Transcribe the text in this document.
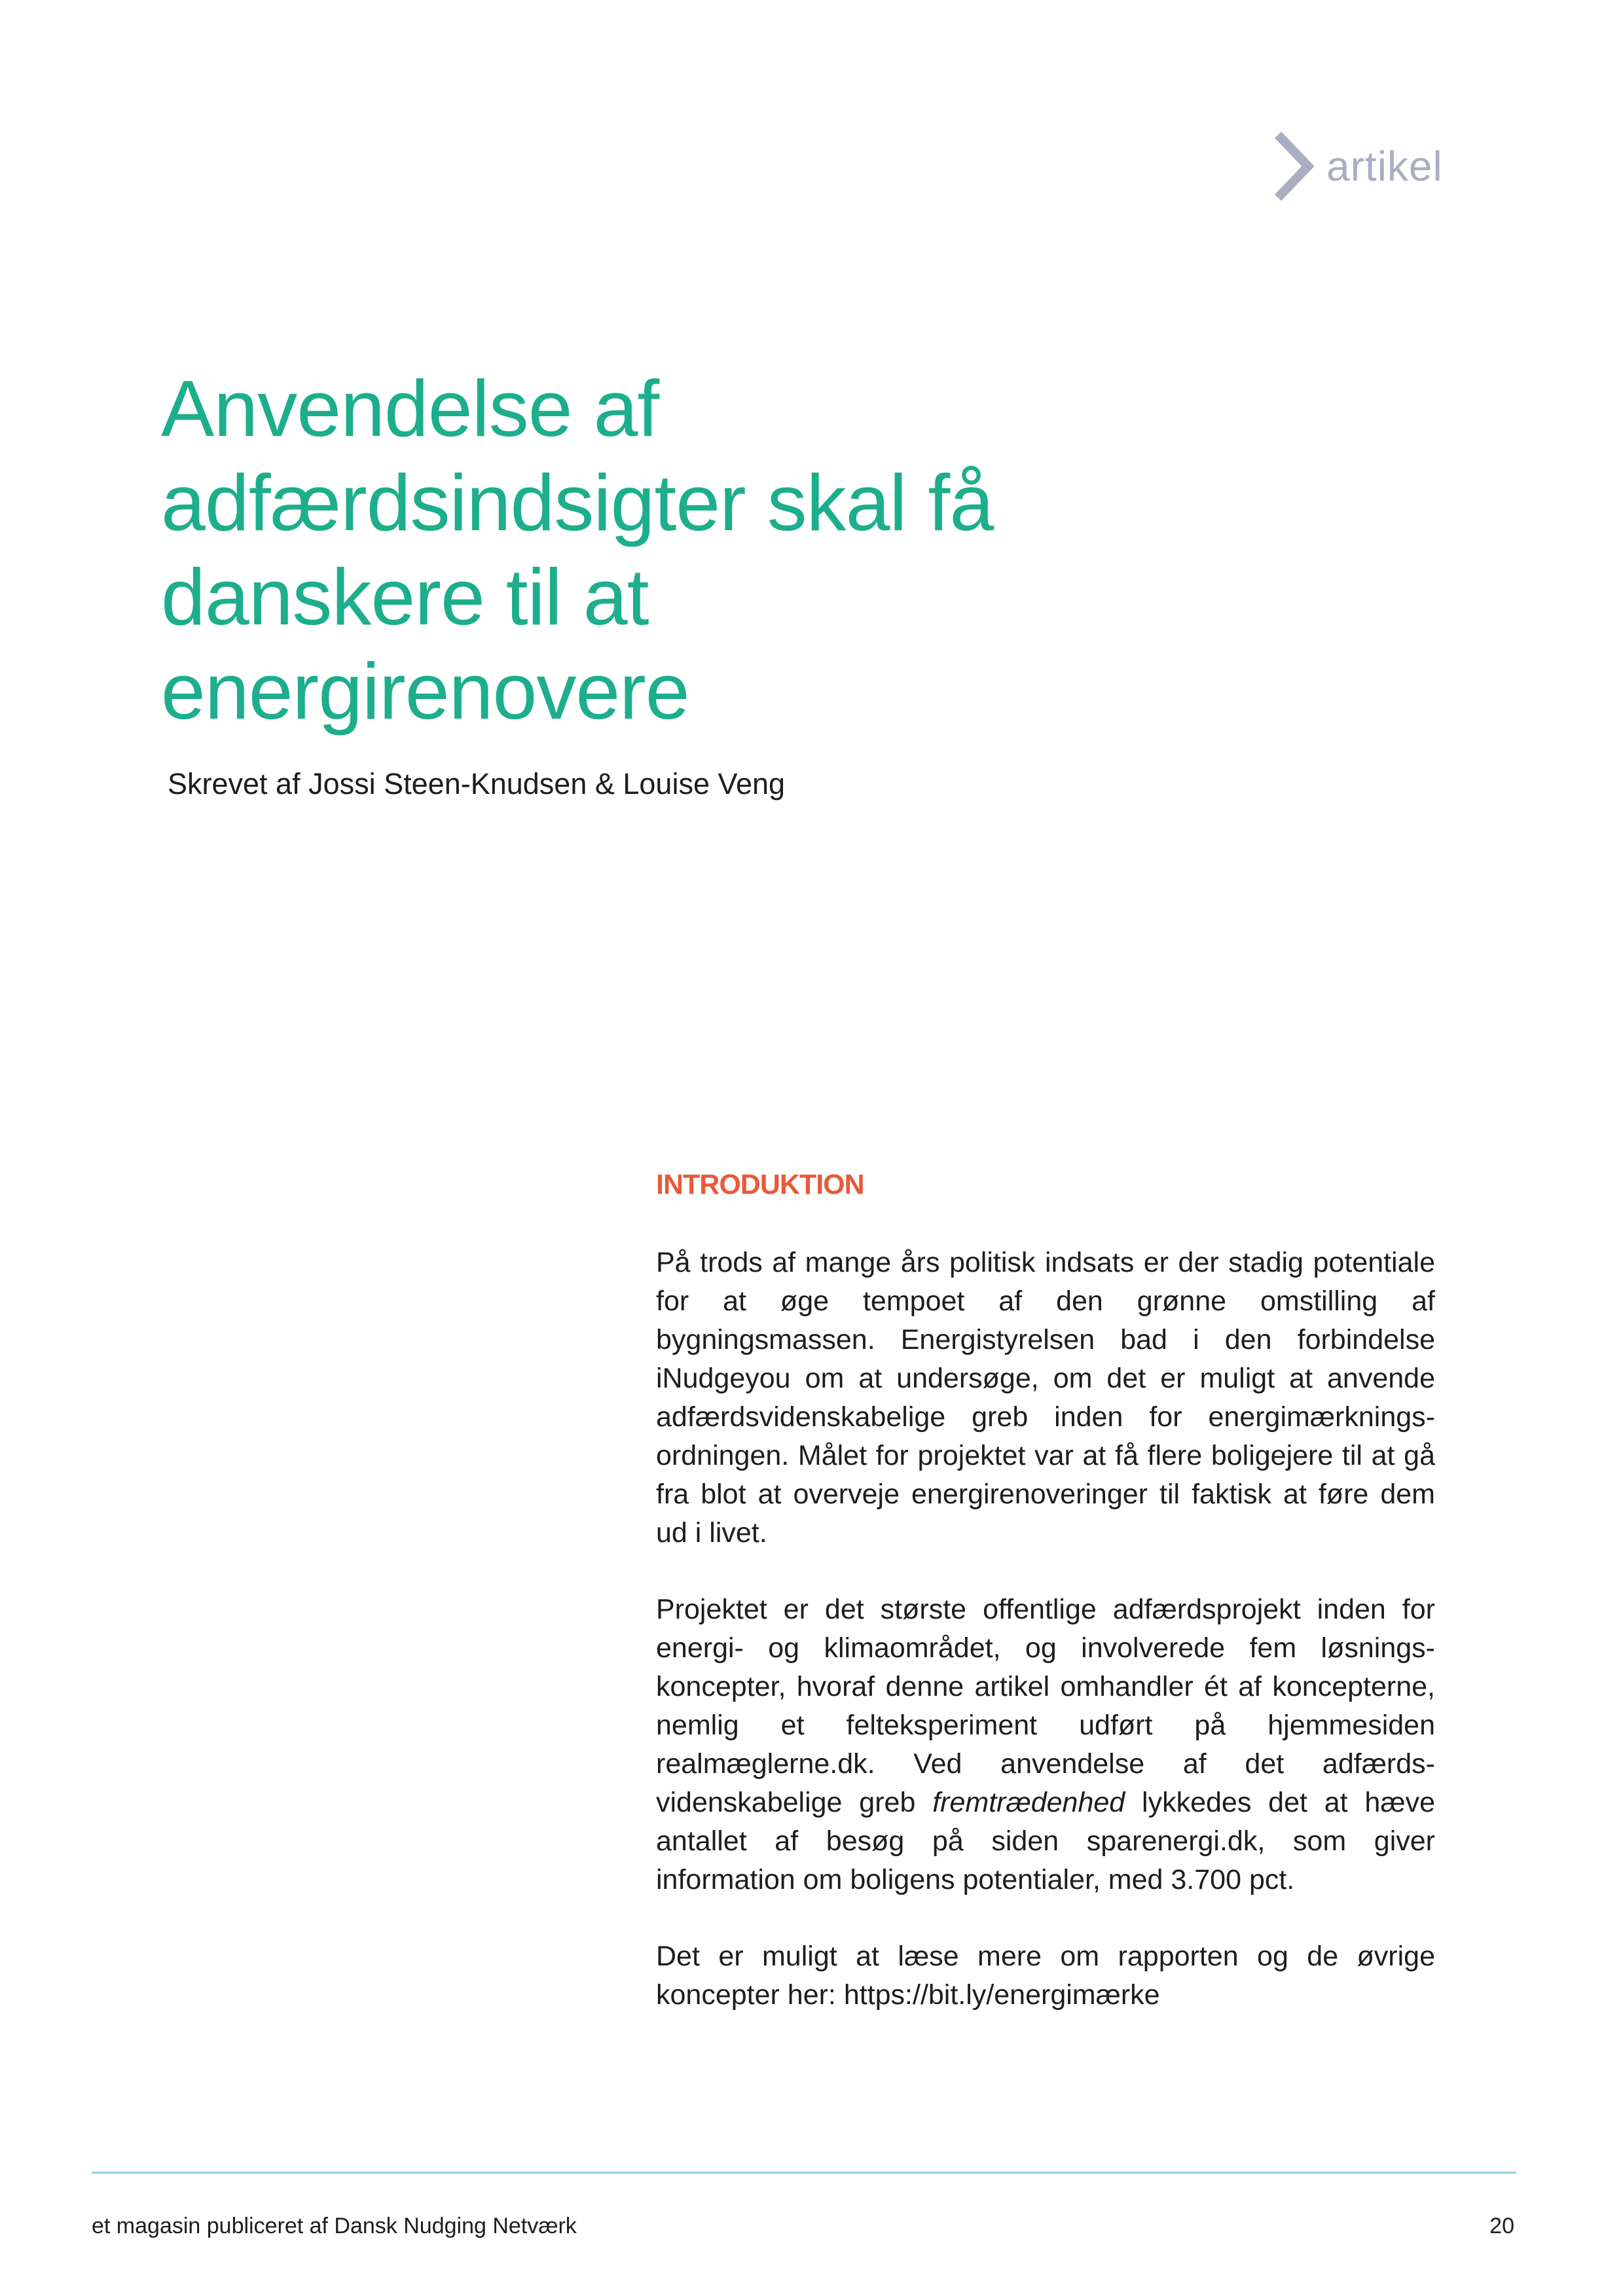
artikel
Anvendelse af adfærdsindsigter skal få danskere til at energirenovere

Skrevet af Jossi Steen-Knudsen & Louise Veng

INTRODUKTION

På trods af mange års politisk indsats er der stadig potentiale for at øge tempoet af den grønne omstilling af bygningsmassen. Energistyrelsen bad i den forbindelse iNudgeyou om at undersøge, om det er muligt at anvende adfærdsvidenskabelige greb inden for energimærkningsordningen. Målet for projektet var at få flere boligejere til at gå fra blot at overveje energirenoveringer til faktisk at føre dem ud i livet.

Projektet er det største offentlige adfærdsprojekt inden for energi- og klimaområdet, og involverede fem løsningskoncepter, hvoraf denne artikel omhandler ét af koncepterne, nemlig et felteksperiment udført på hjemmesiden realmæglerne.dk. Ved anvendelse af det adfærdsvidenskabelige greb fremtrædenhed lykkedes det at hæve antallet af besøg på siden sparenergi.dk, som giver information om boligens potentialer, med 3.700 pct.

Det er muligt at læse mere om rapporten og de øvrige koncepter her: https://bit.ly/energimærke

et magasin publiceret af Dansk Nudging Netværk	20
